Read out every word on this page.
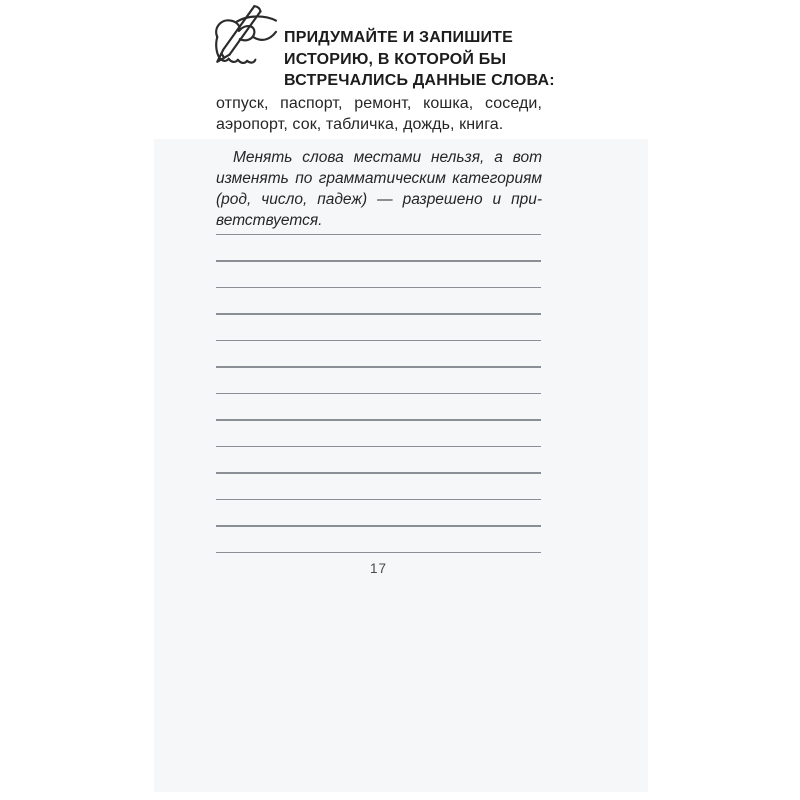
ПРИДУМАЙТЕ И ЗАПИШИТЕ
ИСТОРИЮ, В КОТОРОЙ БЫ
ВСТРЕЧАЛИСЬ ДАННЫЕ СЛОВА:
отпуск, паспорт, ремонт, кошка, соседи,
аэропорт, сок, табличка, дождь, книга.
Менять слова местами нельзя, а вот
изменять по грамматическим категориям
(род, число, падеж) — разрешено и при-
ветствуется.
17
